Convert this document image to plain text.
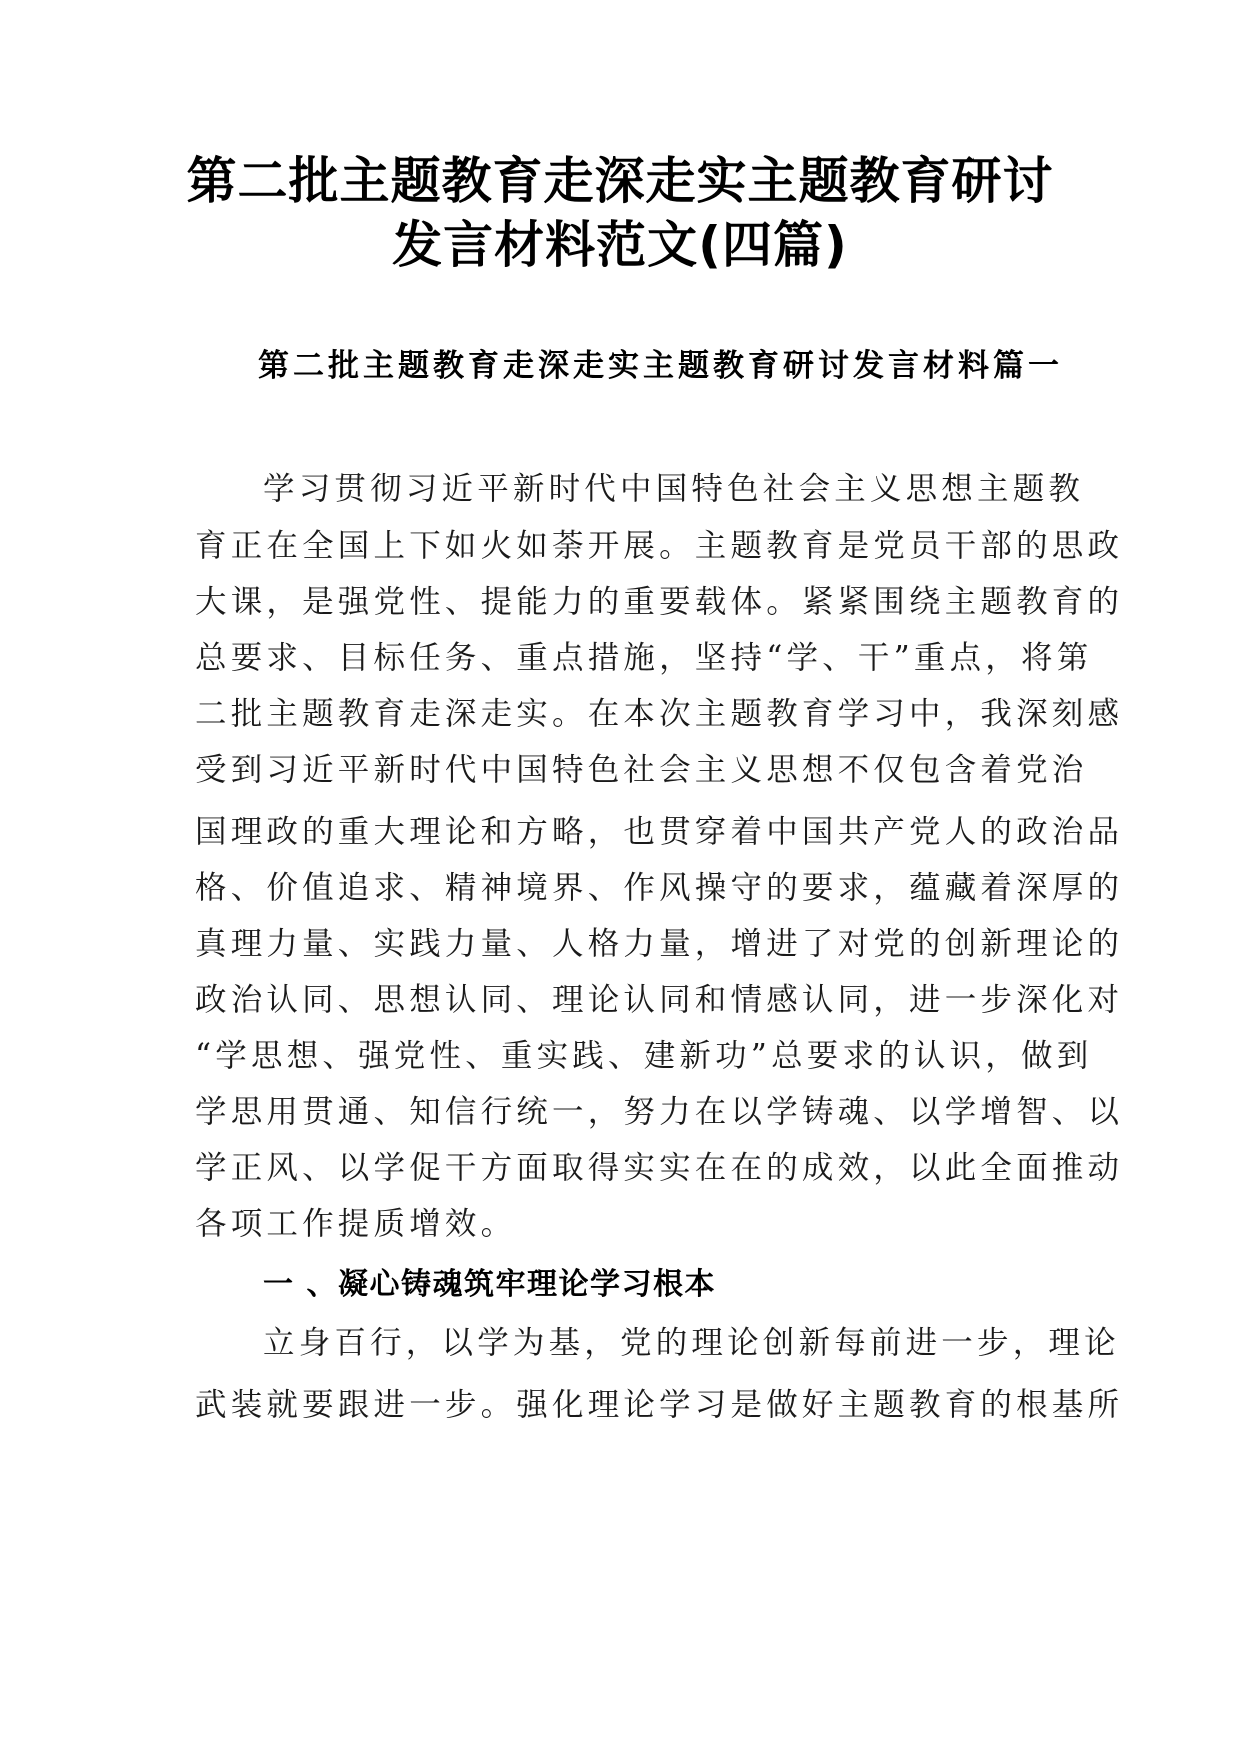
第二批主题教育走深走实主题教育研讨
发言材料范文(四篇)
第二批主题教育走深走实主题教育研讨发言材料篇一
学习贯彻习近平新时代中国特色社会主义思想主题教
育正在全国上下如火如荼开展。主题教育是党员干部的思政
大课，是强党性、提能力的重要载体。紧紧围绕主题教育的
总要求、目标任务、重点措施，坚持“学、干”重点，将第
二批主题教育走深走实。在本次主题教育学习中，我深刻感
受到习近平新时代中国特色社会主义思想不仅包含着党治
国理政的重大理论和方略，也贯穿着中国共产党人的政治品
格、价值追求、精神境界、作风操守的要求，蕴藏着深厚的
真理力量、实践力量、人格力量，增进了对党的创新理论的
政治认同、思想认同、理论认同和情感认同，进一步深化对
“学思想、强党性、重实践、建新功”总要求的认识，做到
学思用贯通、知信行统一，努力在以学铸魂、以学增智、以
学正风、以学促干方面取得实实在在的成效，以此全面推动
各项工作提质增效。
一 、凝心铸魂筑牢理论学习根本
立身百行，以学为基，党的理论创新每前进一步，理论
武装就要跟进一步。强化理论学习是做好主题教育的根基所
